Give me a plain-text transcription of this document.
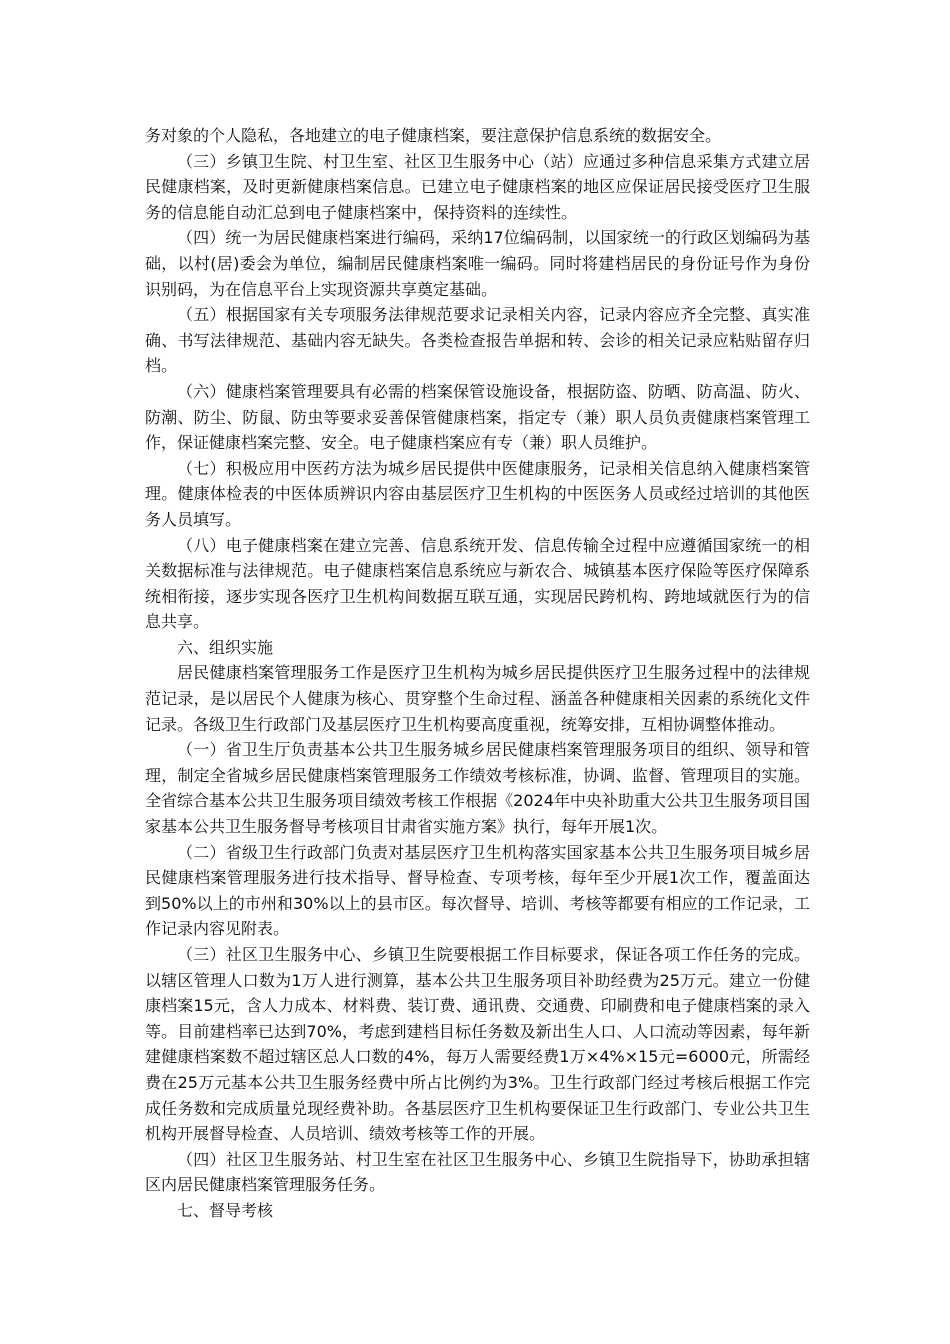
务对象的个人隐私，各地建立的电子健康档案，要注意保护信息系统的数据安全。

（三）乡镇卫生院、村卫生室、社区卫生服务中心（站）应通过多种信息采集方式建立居民健康档案，及时更新健康档案信息。已建立电子健康档案的地区应保证居民接受医疗卫生服务的信息能自动汇总到电子健康档案中，保持资料的连续性。

（四）统一为居民健康档案进行编码，采纳17位编码制，以国家统一的行政区划编码为基础，以村(居)委会为单位，编制居民健康档案唯一编码。同时将建档居民的身份证号作为身份识别码，为在信息平台上实现资源共享奠定基础。

（五）根据国家有关专项服务法律规范要求记录相关内容，记录内容应齐全完整、真实准确、书写法律规范、基础内容无缺失。各类检查报告单据和转、会诊的相关记录应粘贴留存归档。

（六）健康档案管理要具有必需的档案保管设施设备，根据防盗、防晒、防高温、防火、防潮、防尘、防鼠、防虫等要求妥善保管健康档案，指定专（兼）职人员负责健康档案管理工作，保证健康档案完整、安全。电子健康档案应有专（兼）职人员维护。

（七）积极应用中医药方法为城乡居民提供中医健康服务，记录相关信息纳入健康档案管理。健康体检表的中医体质辨识内容由基层医疗卫生机构的中医医务人员或经过培训的其他医务人员填写。

（八）电子健康档案在建立完善、信息系统开发、信息传输全过程中应遵循国家统一的相关数据标准与法律规范。电子健康档案信息系统应与新农合、城镇基本医疗保险等医疗保障系统相衔接，逐步实现各医疗卫生机构间数据互联互通，实现居民跨机构、跨地域就医行为的信息共享。

六、组织实施

居民健康档案管理服务工作是医疗卫生机构为城乡居民提供医疗卫生服务过程中的法律规范记录，是以居民个人健康为核心、贯穿整个生命过程、涵盖各种健康相关因素的系统化文件记录。各级卫生行政部门及基层医疗卫生机构要高度重视，统筹安排，互相协调整体推动。

（一）省卫生厅负责基本公共卫生服务城乡居民健康档案管理服务项目的组织、领导和管理，制定全省城乡居民健康档案管理服务工作绩效考核标准，协调、监督、管理项目的实施。全省综合基本公共卫生服务项目绩效考核工作根据《2024年中央补助重大公共卫生服务项目国家基本公共卫生服务督导考核项目甘肃省实施方案》执行，每年开展1次。

（二）省级卫生行政部门负责对基层医疗卫生机构落实国家基本公共卫生服务项目城乡居民健康档案管理服务进行技术指导、督导检查、专项考核，每年至少开展1次工作，覆盖面达到50%以上的市州和30%以上的县市区。每次督导、培训、考核等都要有相应的工作记录，工作记录内容见附表。

（三）社区卫生服务中心、乡镇卫生院要根据工作目标要求，保证各项工作任务的完成。以辖区管理人口数为1万人进行测算，基本公共卫生服务项目补助经费为25万元。建立一份健康档案15元，含人力成本、材料费、装订费、通讯费、交通费、印刷费和电子健康档案的录入等。目前建档率已达到70%，考虑到建档目标任务数及新出生人口、人口流动等因素，每年新建健康档案数不超过辖区总人口数的4%，每万人需要经费1万×4%×15元=6000元，所需经费在25万元基本公共卫生服务经费中所占比例约为3%。卫生行政部门经过考核后根据工作完成任务数和完成质量兑现经费补助。各基层医疗卫生机构要保证卫生行政部门、专业公共卫生机构开展督导检查、人员培训、绩效考核等工作的开展。

（四）社区卫生服务站、村卫生室在社区卫生服务中心、乡镇卫生院指导下，协助承担辖区内居民健康档案管理服务任务。

七、督导考核
